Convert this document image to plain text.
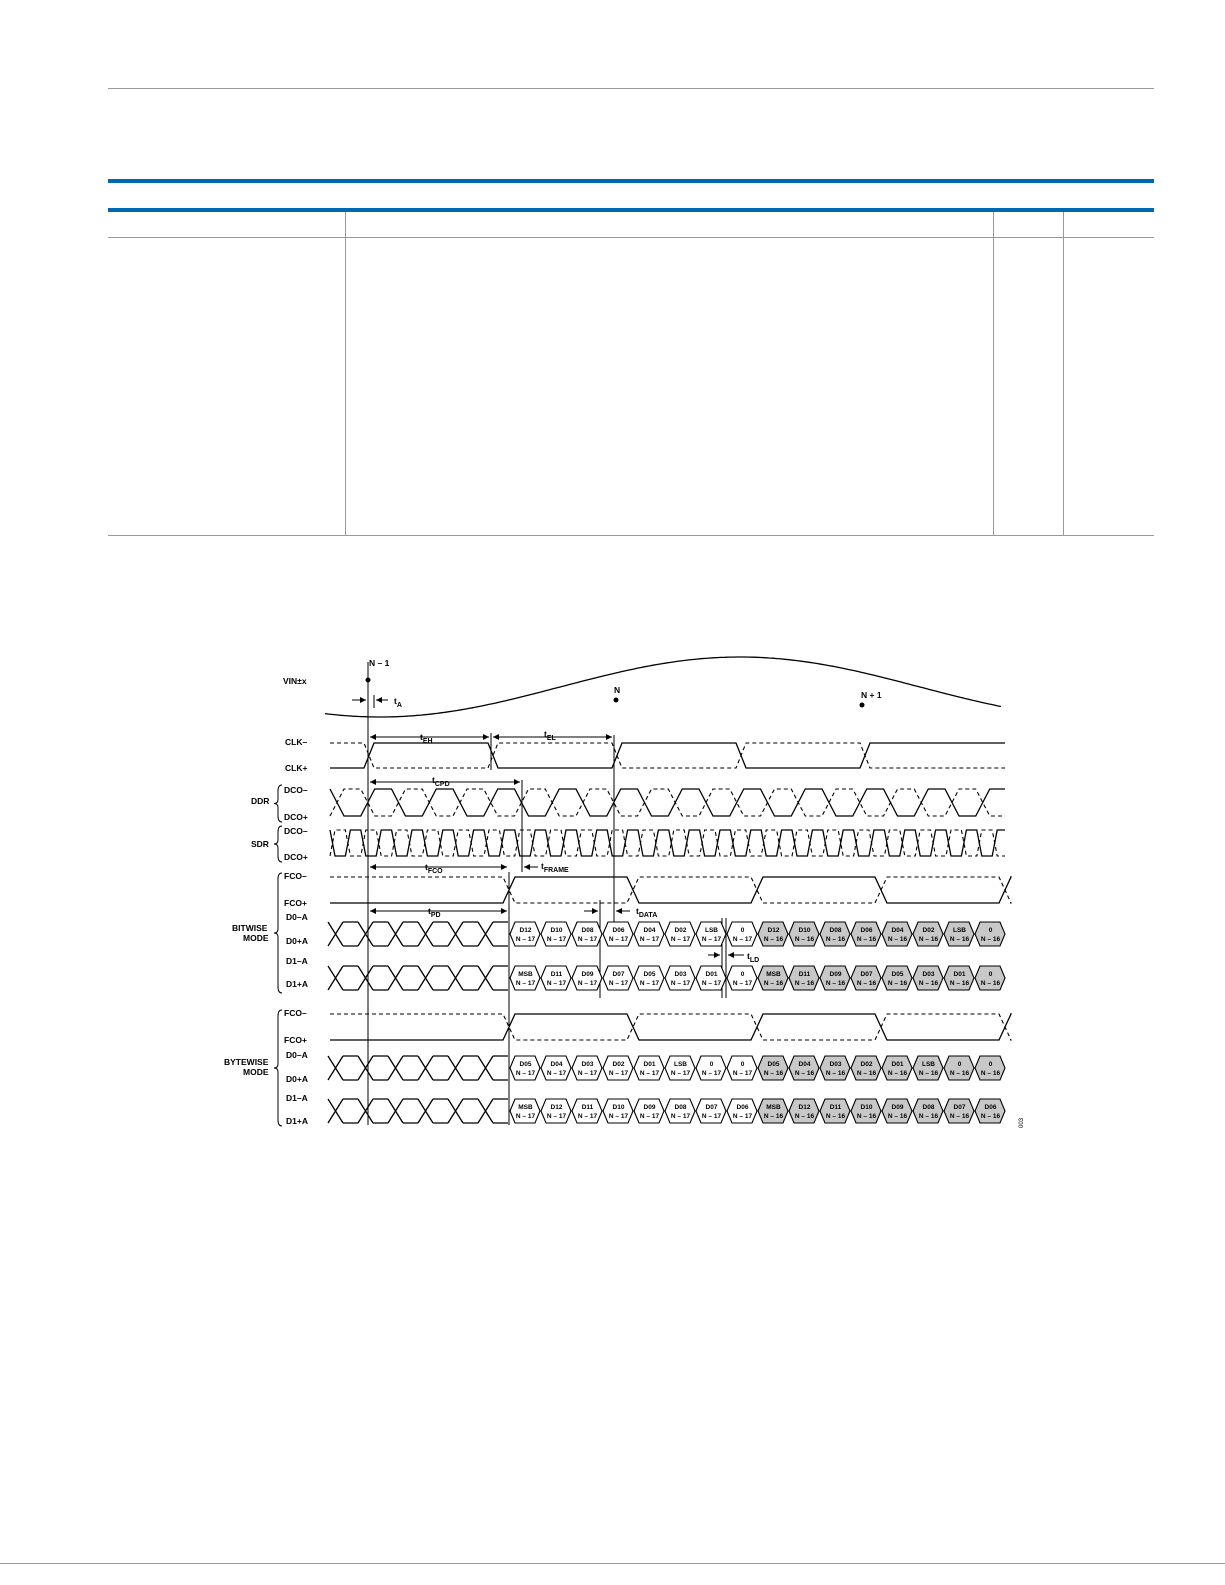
VIN±x
N – 1
N	N + 1
CLK–
CLK+
DDR
DCO–
DCO+
SDR
DCO–
DCO+
FCO–
FCO+
D0–A
D0+A
D1–A
D1+A
BITWISE
MODE
FCO–
FCO+
D0–A
D0+A
D1–A
D1+A
BYTEWISE
MODE
$t_A$
$t_{EH}$
$t_{EL}$
$t_{CPD}$
$t_{FCO}$
$t_{FRAME}$
$t_{PD}$	$t_{DATA}$
$t_{LD}$
003
D12
N – 17
D10
N – 17
D08
N – 17
D06
N – 17
D04
N – 17
D02
N – 17
LSB
N – 17
0
N – 17
D12
N – 16
D10
N – 16
D08
N – 16
D06
N – 16
D04
N – 16
D02
N – 16
LSB
N – 16
0
N – 16
MSB
N – 17
D11
N – 17
D09
N – 17
D07
N – 17
D05
N – 17
D03
N – 17
D01
N – 17
0
N – 17
MSB
N – 16
D11
N – 16
D09
N – 16
D07
N – 16
D05
N – 16
D03
N – 16
D01
N – 16
0
N – 16
D05
N – 17
D04
N – 17
D03
N – 17
D02
N – 17
D01
N – 17
LSB
N – 17
0
N – 17
0
N – 17
D05
N – 16
D04
N – 16
D03
N – 16
D02
N – 16
D01
N – 16
LSB
N – 16
0
N – 16
0
N – 16
MSB
N – 17
D12
N – 17
D11
N – 17
D10
N – 17
D09
N – 17
D08
N – 17
D07
N – 17
D06
N – 17
MSB
N – 16
D12
N – 16
D11
N – 16
D10
N – 16
D09
N – 16
D08
N – 16
D07
N – 16
D06
N – 16
